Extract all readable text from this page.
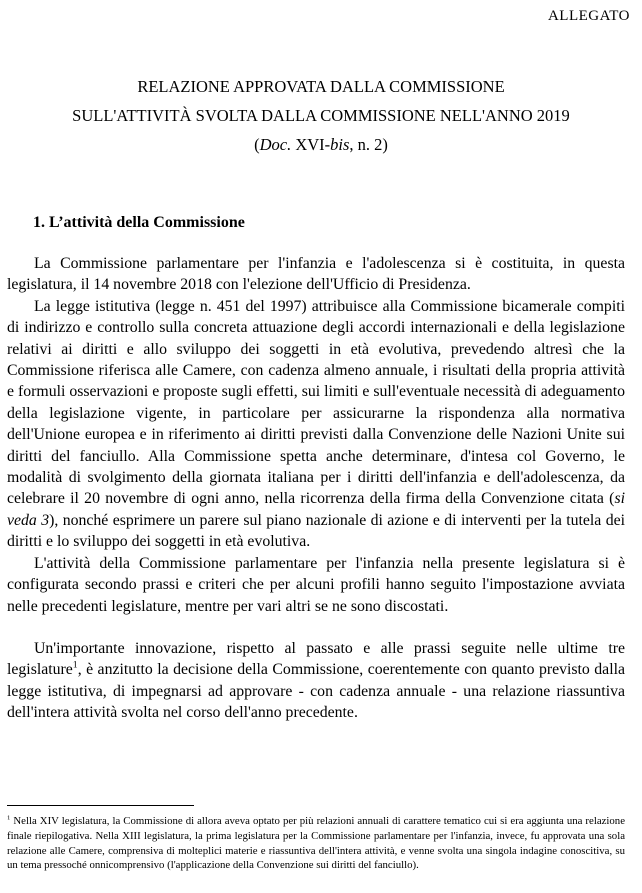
ALLEGATO
RELAZIONE APPROVATA DALLA COMMISSIONE
SULL'ATTIVITÀ SVOLTA DALLA COMMISSIONE NELL'ANNO 2019
(Doc. XVI-bis, n. 2)
1. L’attività della Commissione

La Commissione parlamentare per l'infanzia e l'adolescenza si è costituita, in questa legislatura, il 14 novembre 2018 con l'elezione dell'Ufficio di Presidenza.

La legge istitutiva (legge n. 451 del 1997) attribuisce alla Commissione bicamerale compiti di indirizzo e controllo sulla concreta attuazione degli accordi internazionali e della legislazione relativi ai diritti e allo sviluppo dei soggetti in età evolutiva, prevedendo altresì che la Commissione riferisca alle Camere, con cadenza almeno annuale, i risultati della propria attività e formuli osservazioni e proposte sugli effetti, sui limiti e sull'eventuale necessità di adeguamento della legislazione vigente, in particolare per assicurarne la rispondenza alla normativa dell'Unione europea e in riferimento ai diritti previsti dalla Convenzione delle Nazioni Unite sui diritti del fanciullo. Alla Commissione spetta anche determinare, d'intesa col Governo, le modalità di svolgimento della giornata italiana per i diritti dell'infanzia e dell'adolescenza, da celebrare il 20 novembre di ogni anno, nella ricorrenza della firma della Convenzione citata (si veda 3), nonché esprimere un parere sul piano nazionale di azione e di interventi per la tutela dei diritti e lo sviluppo dei soggetti in età evolutiva.

L'attività della Commissione parlamentare per l'infanzia nella presente legislatura si è configurata secondo prassi e criteri che per alcuni profili hanno seguito l'impostazione avviata nelle precedenti legislature, mentre per vari altri se ne sono discostati.

Un'importante innovazione, rispetto al passato e alle prassi seguite nelle ultime tre legislature$^1$, è anzitutto la decisione della Commissione, coerentemente con quanto previsto dalla legge istitutiva, di impegnarsi ad approvare - con cadenza annuale - una relazione riassuntiva dell'intera attività svolta nel corso dell'anno precedente.

$^1$ Nella XIV legislatura, la Commissione di allora aveva optato per più relazioni annuali di carattere tematico cui si era aggiunta una relazione finale riepilogativa. Nella XIII legislatura, la prima legislatura per la Commissione parlamentare per l'infanzia, invece, fu approvata una sola relazione alle Camere, comprensiva di molteplici materie e riassuntiva dell'intera attività, e venne svolta una singola indagine conoscitiva, su un tema pressoché onnicomprensivo (l'applicazione della Convenzione sui diritti del fanciullo).
